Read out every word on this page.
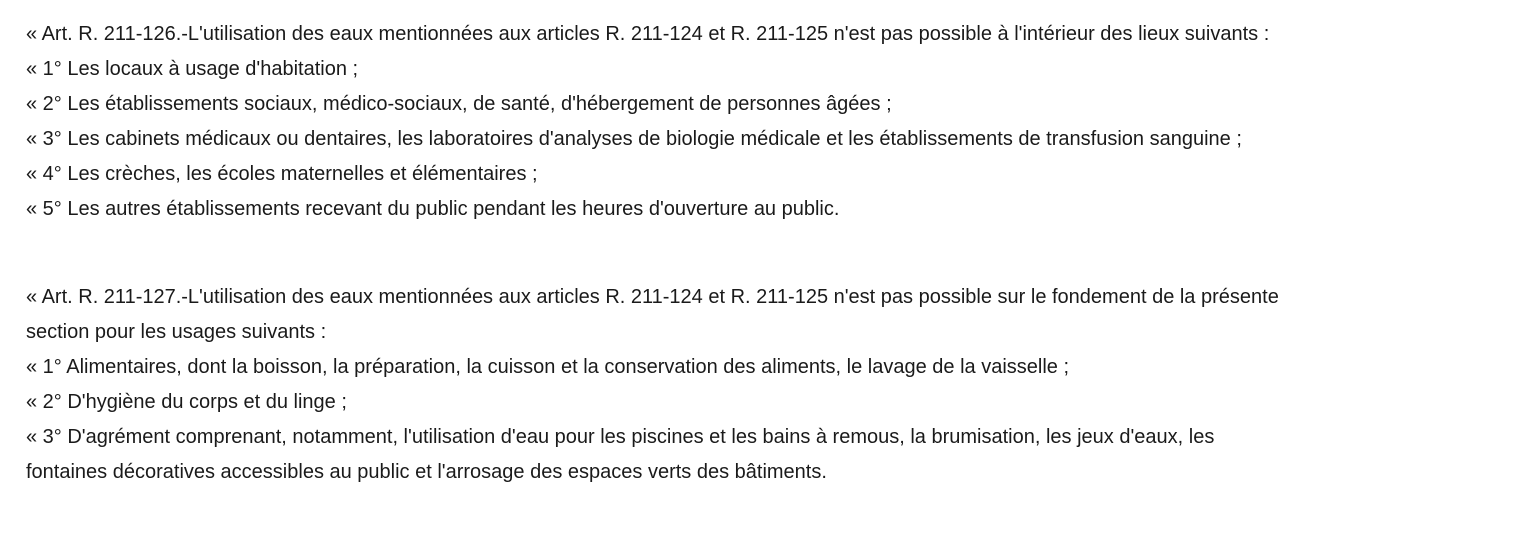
« Art. R. 211-126.-L'utilisation des eaux mentionnées aux articles R. 211-124 et R. 211-125 n'est pas possible à l'intérieur des lieux suivants :
« 1° Les locaux à usage d'habitation ;
« 2° Les établissements sociaux, médico-sociaux, de santé, d'hébergement de personnes âgées ;
« 3° Les cabinets médicaux ou dentaires, les laboratoires d'analyses de biologie médicale et les établissements de transfusion sanguine ;
« 4° Les crèches, les écoles maternelles et élémentaires ;
« 5° Les autres établissements recevant du public pendant les heures d'ouverture au public.
« Art. R. 211-127.-L'utilisation des eaux mentionnées aux articles R. 211-124 et R. 211-125 n'est pas possible sur le fondement de la présente
section pour les usages suivants :
« 1° Alimentaires, dont la boisson, la préparation, la cuisson et la conservation des aliments, le lavage de la vaisselle ;
« 2° D'hygiène du corps et du linge ;
« 3° D'agrément comprenant, notamment, l'utilisation d'eau pour les piscines et les bains à remous, la brumisation, les jeux d'eaux, les
fontaines décoratives accessibles au public et l'arrosage des espaces verts des bâtiments.
